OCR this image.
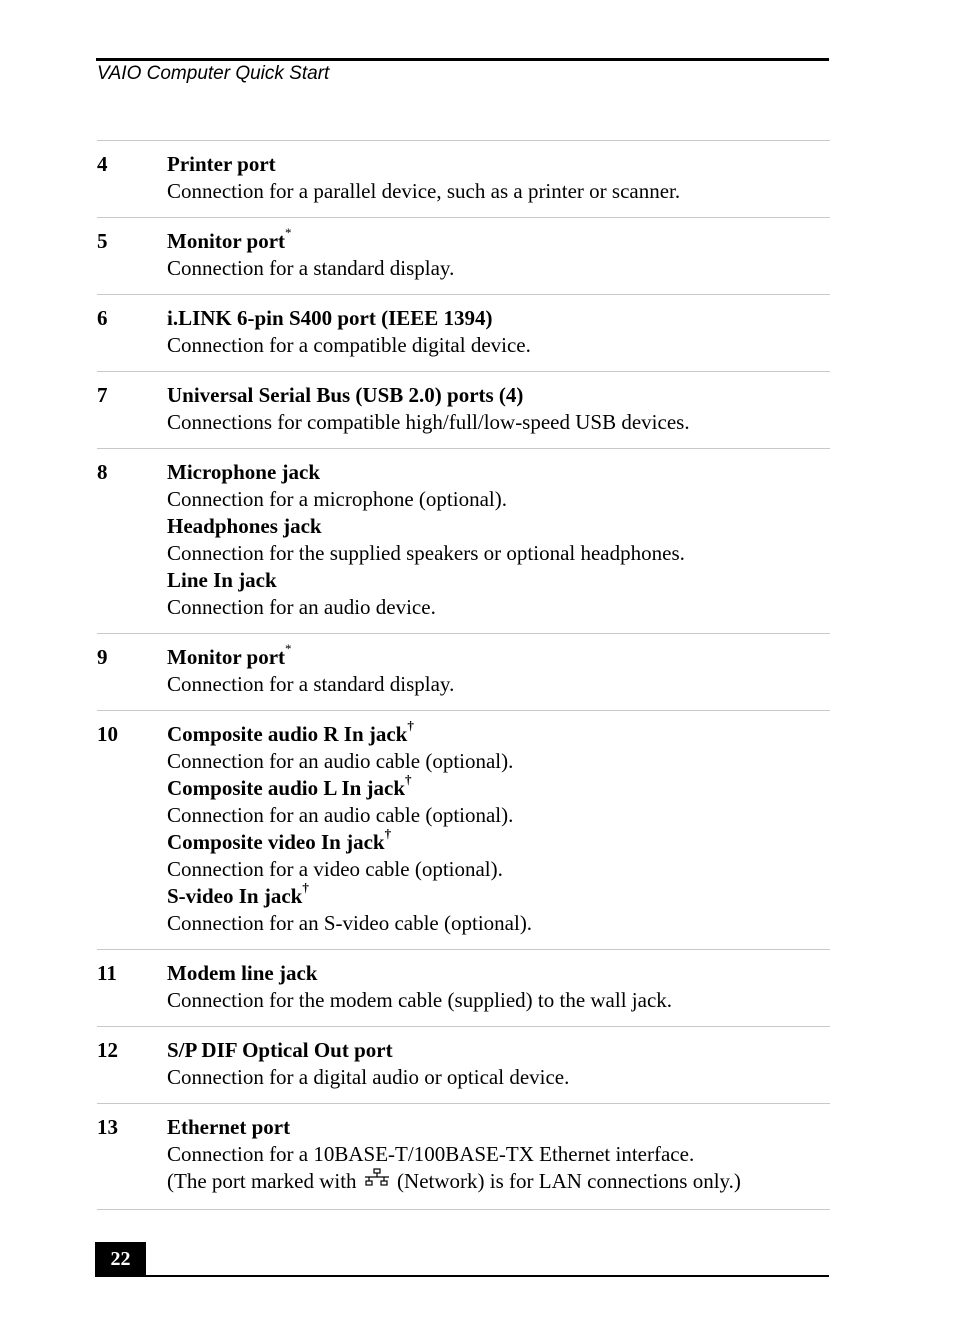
VAIO Computer Quick Start
4	Printer port
Connection for a parallel device, such as a printer or scanner.
5	Monitor port*
Connection for a standard display.
6	i.LINK 6-pin S400 port (IEEE 1394)
Connection for a compatible digital device.
7	Universal Serial Bus (USB 2.0) ports (4)
Connections for compatible high/full/low-speed USB devices.
8	Microphone jack
Connection for a microphone (optional).
Headphones jack
Connection for the supplied speakers or optional headphones.
Line In jack
Connection for an audio device.
9	Monitor port*
Connection for a standard display.
10	Composite audio R In jack†
Connection for an audio cable (optional).
Composite audio L In jack†
Connection for an audio cable (optional).
Composite video In jack†
Connection for a video cable (optional).
S-video In jack†
Connection for an S-video cable (optional).
11	Modem line jack
Connection for the modem cable (supplied) to the wall jack.
12	S/P DIF Optical Out port
Connection for a digital audio or optical device.
13	Ethernet port
Connection for a 10BASE-T/100BASE-TX Ethernet interface.
(The port marked with (Network) is for LAN connections only.)
22
